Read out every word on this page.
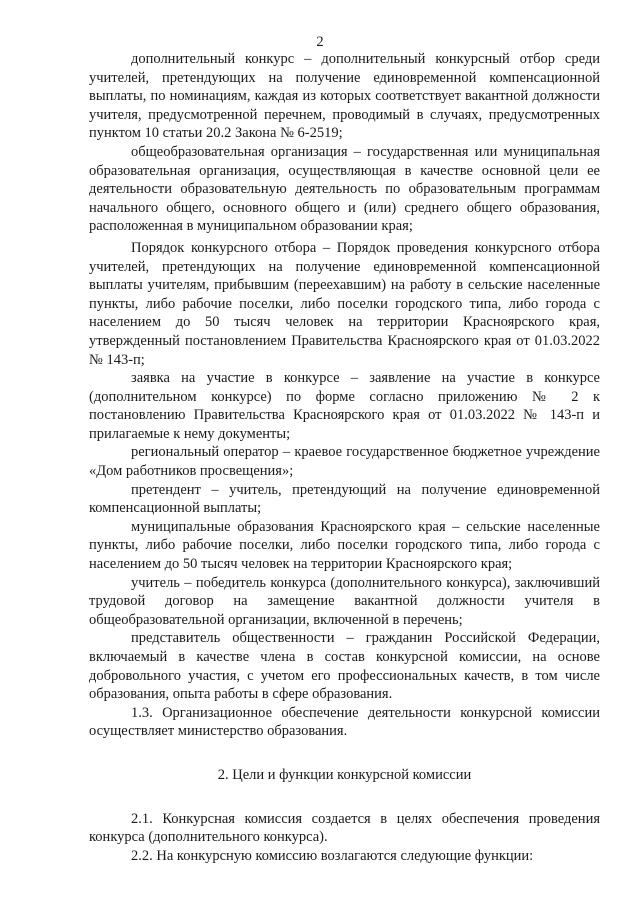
2

дополнительный конкурс – дополнительный конкурсный отбор среди учителей, претендующих на получение единовременной компенсационной выплаты, по номинациям, каждая из которых соответствует вакантной должности учителя, предусмотренной перечнем, проводимый в случаях, предусмотренных пунктом 10 статьи 20.2 Закона № 6-2519;

общеобразовательная организация – государственная или муниципальная образовательная организация, осуществляющая в качестве основной цели ее деятельности образовательную деятельность по образовательным программам начального общего, основного общего и (или) среднего общего образования, расположенная в муниципальном образовании края;

Порядок конкурсного отбора – Порядок проведения конкурсного отбора учителей, претендующих на получение единовременной компенсационной выплаты учителям, прибывшим (переехавшим) на работу в сельские населенные пункты, либо рабочие поселки, либо поселки городского типа, либо города с населением до 50 тысяч человек на территории Красноярского края, утвержденный постановлением Правительства Красноярского края от 01.03.2022 № 143-п;

заявка на участие в конкурсе – заявление на участие в конкурсе (дополнительном конкурсе) по форме согласно приложению № 2 к постановлению Правительства Красноярского края от 01.03.2022 № 143-п и прилагаемые к нему документы;

региональный оператор – краевое государственное бюджетное учреждение «Дом работников просвещения»;

претендент – учитель, претендующий на получение единовременной компенсационной выплаты;

муниципальные образования Красноярского края – сельские населенные пункты, либо рабочие поселки, либо поселки городского типа, либо города с населением до 50 тысяч человек на территории Красноярского края;

учитель – победитель конкурса (дополнительного конкурса), заключивший трудовой договор на замещение вакантной должности учителя в общеобразовательной организации, включенной в перечень;

представитель общественности – гражданин Российской Федерации, включаемый в качестве члена в состав конкурсной комиссии, на основе добровольного участия, с учетом его профессиональных качеств, в том числе образования, опыта работы в сфере образования.

1.3. Организационное обеспечение деятельности конкурсной комиссии осуществляет министерство образования.

2. Цели и функции конкурсной комиссии

2.1. Конкурсная комиссия создается в целях обеспечения проведения конкурса (дополнительного конкурса).

2.2. На конкурсную комиссию возлагаются следующие функции:
